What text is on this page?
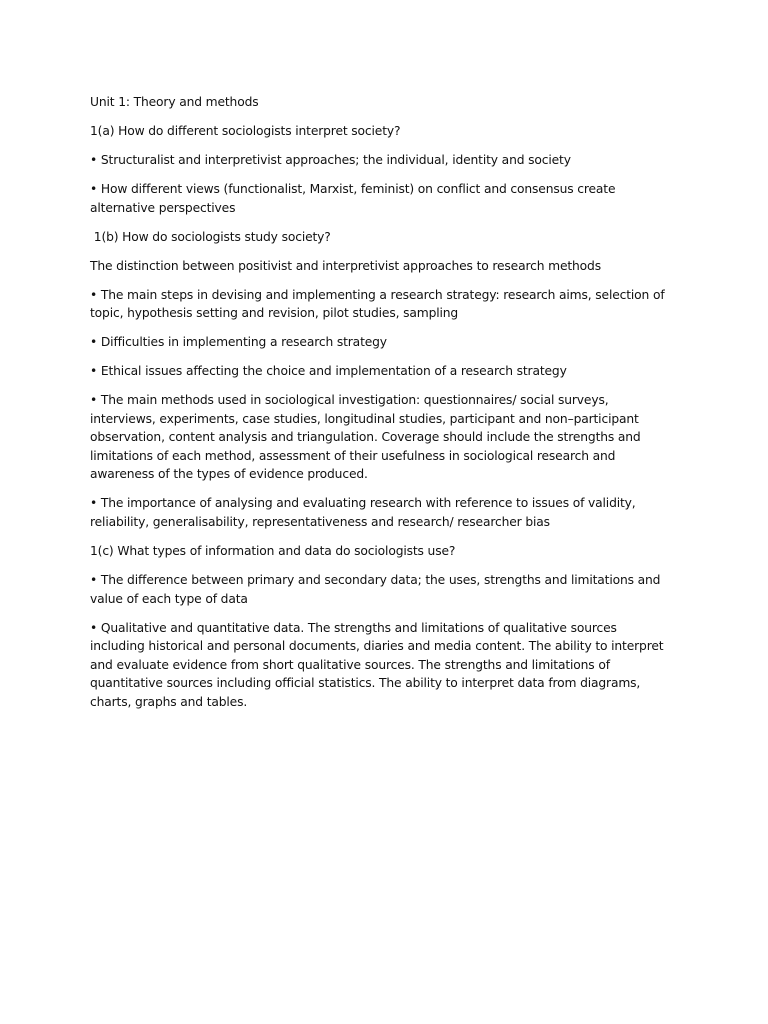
Unit 1: Theory and methods

1(a) How do different sociologists interpret society?

• Structuralist and interpretivist approaches; the individual, identity and society

• How different views (functionalist, Marxist, feminist) on conflict and consensus create alternative perspectives

1(b) How do sociologists study society?

The distinction between positivist and interpretivist approaches to research methods

• The main steps in devising and implementing a research strategy: research aims, selection of topic, hypothesis setting and revision, pilot studies, sampling

• Difficulties in implementing a research strategy

• Ethical issues affecting the choice and implementation of a research strategy

• The main methods used in sociological investigation: questionnaires/ social surveys, interviews, experiments, case studies, longitudinal studies, participant and non–participant observation, content analysis and triangulation. Coverage should include the strengths and limitations of each method, assessment of their usefulness in sociological research and awareness of the types of evidence produced.

• The importance of analysing and evaluating research with reference to issues of validity, reliability, generalisability, representativeness and research/ researcher bias

1(c) What types of information and data do sociologists use?

• The difference between primary and secondary data; the uses, strengths and limitations and value of each type of data

• Qualitative and quantitative data. The strengths and limitations of qualitative sources including historical and personal documents, diaries and media content. The ability to interpret and evaluate evidence from short qualitative sources. The strengths and limitations of quantitative sources including official statistics. The ability to interpret data from diagrams, charts, graphs and tables.
